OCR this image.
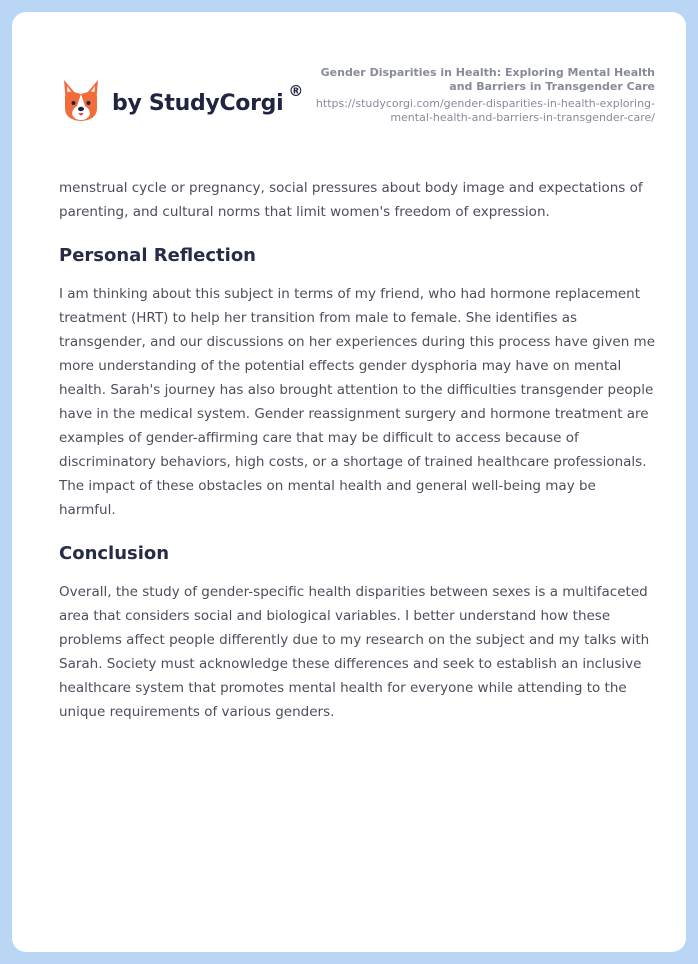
by StudyCorgi ®
Gender Disparities in Health: Exploring Mental Health and Barriers in Transgender Care
https://studycorgi.com/gender-disparities-in-health-exploring-mental-health-and-barriers-in-transgender-care/

menstrual cycle or pregnancy, social pressures about body image and expectations of parenting, and cultural norms that limit women's freedom of expression.

Personal Reflection

I am thinking about this subject in terms of my friend, who had hormone replacement treatment (HRT) to help her transition from male to female. She identifies as transgender, and our discussions on her experiences during this process have given me more understanding of the potential effects gender dysphoria may have on mental health. Sarah's journey has also brought attention to the difficulties transgender people have in the medical system. Gender reassignment surgery and hormone treatment are examples of gender-affirming care that may be difficult to access because of discriminatory behaviors, high costs, or a shortage of trained healthcare professionals. The impact of these obstacles on mental health and general well-being may be harmful.

Conclusion

Overall, the study of gender-specific health disparities between sexes is a multifaceted area that considers social and biological variables. I better understand how these problems affect people differently due to my research on the subject and my talks with Sarah. Society must acknowledge these differences and seek to establish an inclusive healthcare system that promotes mental health for everyone while attending to the unique requirements of various genders.
